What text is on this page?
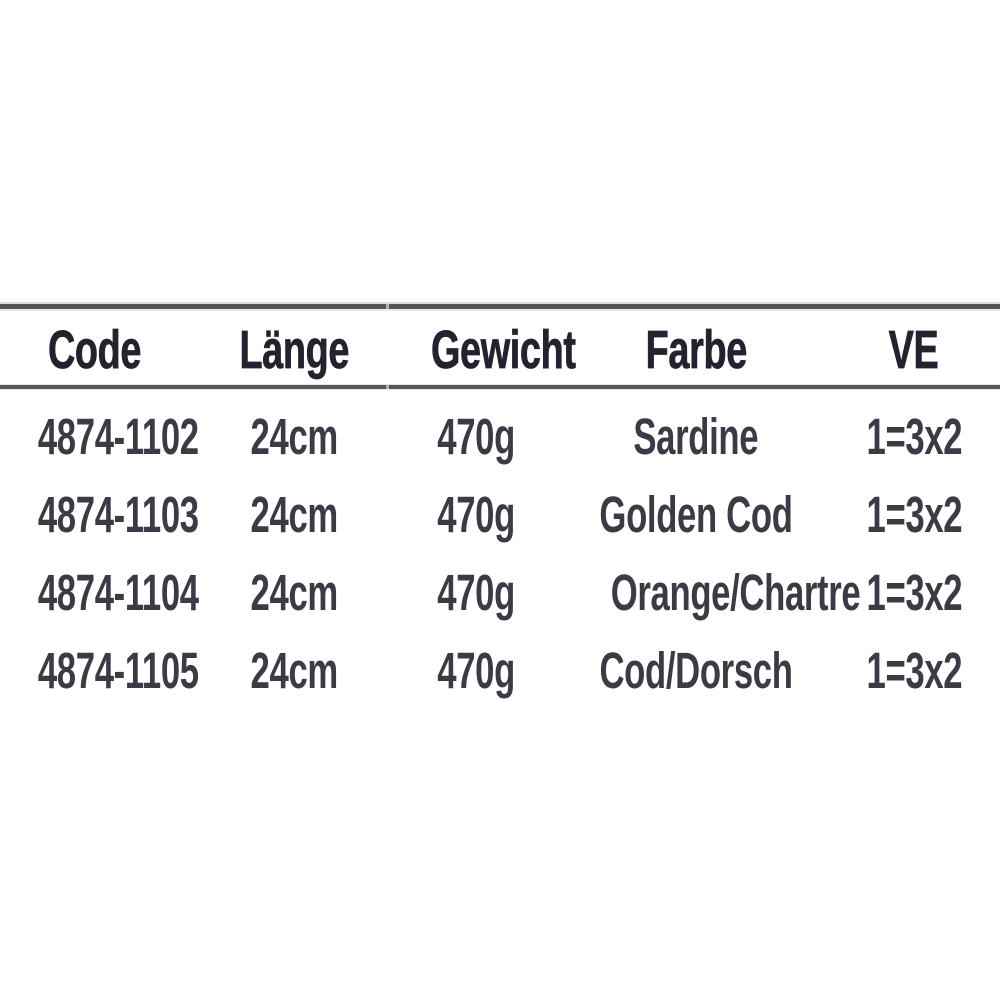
Code	Länge	Gewicht	Farbe	VE
4874-1102	24cm	470g	Sardine	1=3x2
4874-1103	24cm	470g	Golden Cod	1=3x2
4874-1104	24cm	470g	Orange/Chartre 1=3x2
4874-1105	24cm	470g	Cod/Dorsch	1=3x2
